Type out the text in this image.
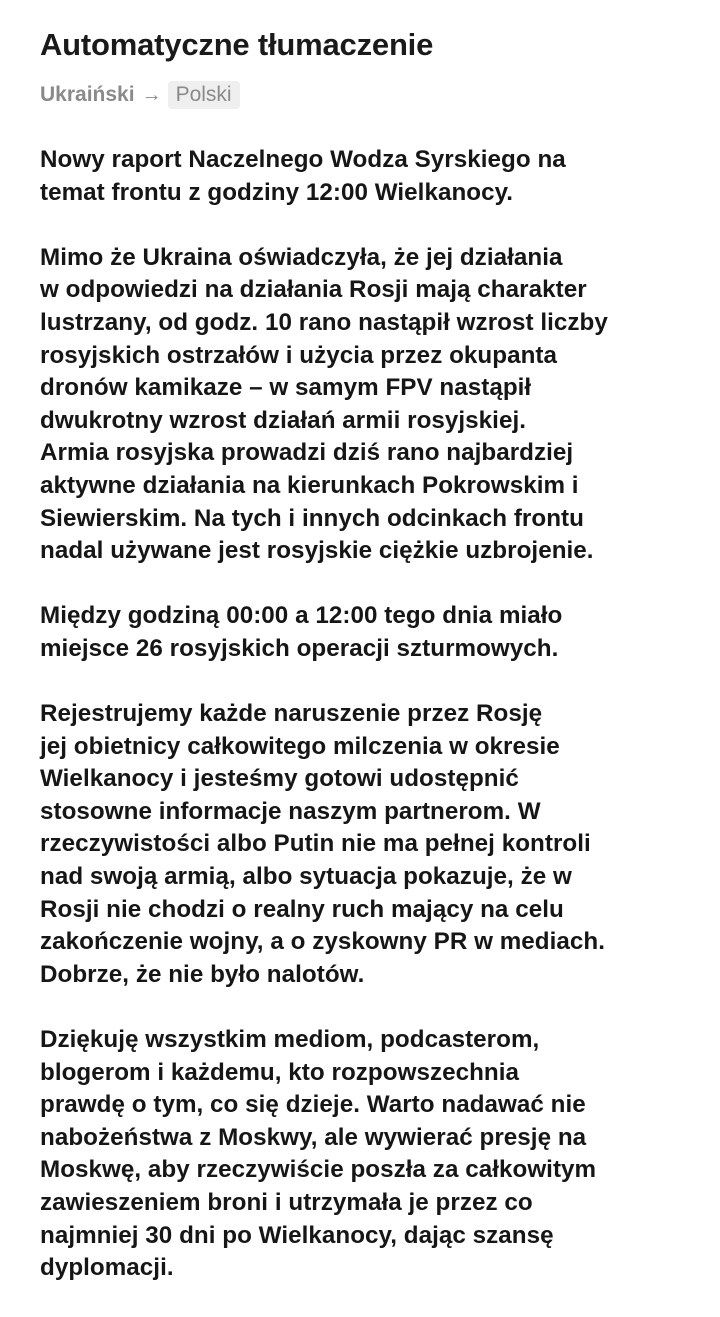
Automatyczne tłumaczenie
Ukraiński → Polski

Nowy raport Naczelnego Wodza Syrskiego na
temat frontu z godziny 12:00 Wielkanocy.

Mimo że Ukraina oświadczyła, że jej działania
w odpowiedzi na działania Rosji mają charakter
lustrzany, od godz. 10 rano nastąpił wzrost liczby
rosyjskich ostrzałów i użycia przez okupanta
dronów kamikaze – w samym FPV nastąpił
dwukrotny wzrost działań armii rosyjskiej.
Armia rosyjska prowadzi dziś rano najbardziej
aktywne działania na kierunkach Pokrowskim i
Siewierskim. Na tych i innych odcinkach frontu
nadal używane jest rosyjskie ciężkie uzbrojenie.

Między godziną 00:00 a 12:00 tego dnia miało
miejsce 26 rosyjskich operacji szturmowych.

Rejestrujemy każde naruszenie przez Rosję
jej obietnicy całkowitego milczenia w okresie
Wielkanocy i jesteśmy gotowi udostępnić
stosowne informacje naszym partnerom. W
rzeczywistości albo Putin nie ma pełnej kontroli
nad swoją armią, albo sytuacja pokazuje, że w
Rosji nie chodzi o realny ruch mający na celu
zakończenie wojny, a o zyskowny PR w mediach.
Dobrze, że nie było nalotów.

Dziękuję wszystkim mediom, podcasterom,
blogerom i każdemu, kto rozpowszechnia
prawdę o tym, co się dzieje. Warto nadawać nie
nabożeństwa z Moskwy, ale wywierać presję na
Moskwę, aby rzeczywiście poszła za całkowitym
zawieszeniem broni i utrzymała je przez co
najmniej 30 dni po Wielkanocy, dając szansę
dyplomacji.
